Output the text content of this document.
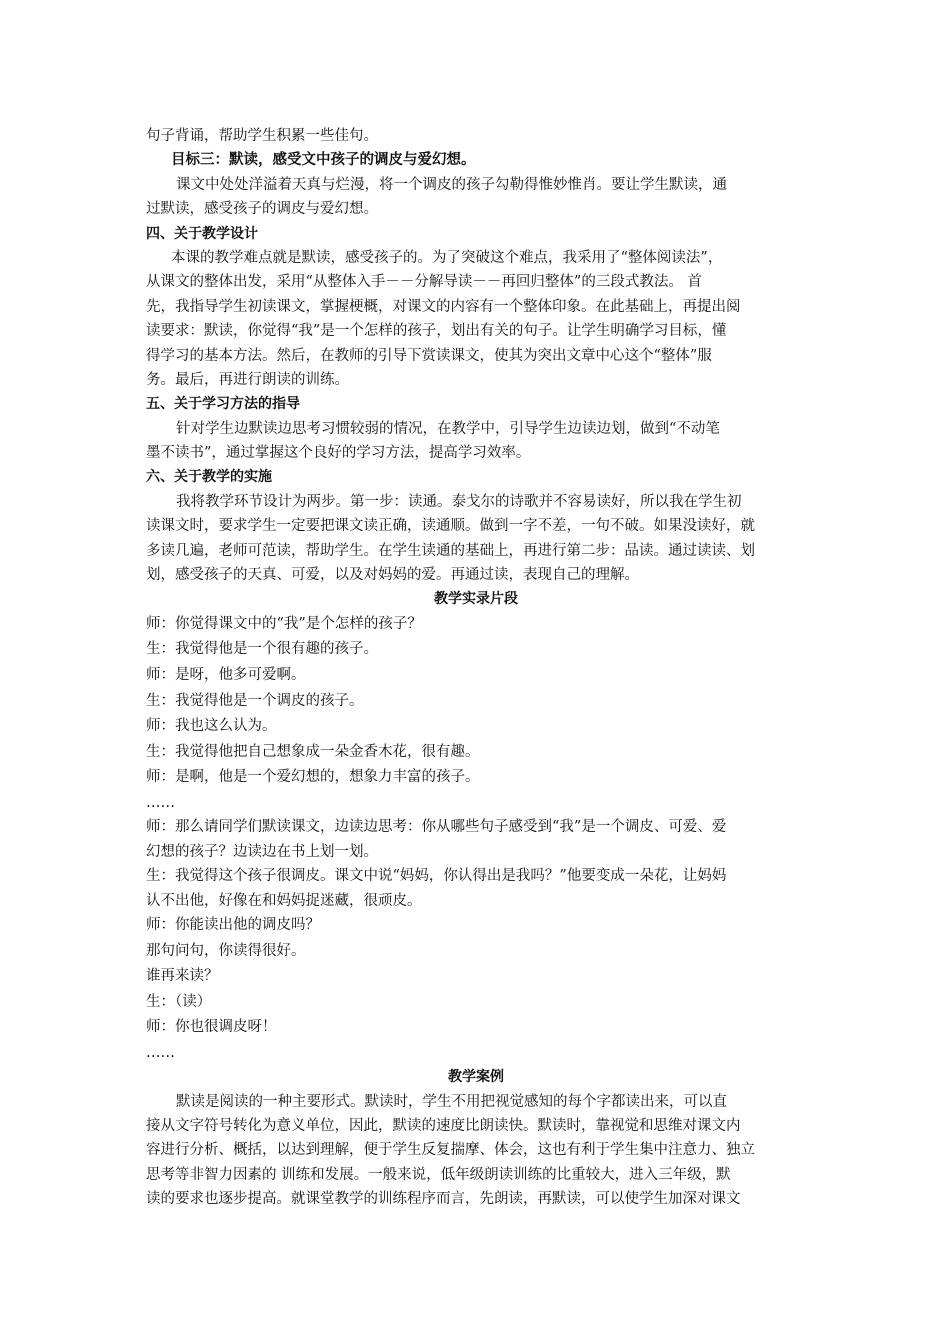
句子背诵，帮助学生积累一些佳句。
目标三：默读，感受文中孩子的调皮与爱幻想。
课文中处处洋溢着天真与烂漫，将一个调皮的孩子勾勒得惟妙惟肖。要让学生默读，通
过默读，感受孩子的调皮与爱幻想。
四、关于教学设计
本课的教学难点就是默读，感受孩子的。为了突破这个难点，我采用了“整体阅读法”，
从课文的整体出发，采用“从整体入手－－分解导读－－再回归整体”的三段式教法。 首
先，我指导学生初读课文，掌握梗概，对课文的内容有一个整体印象。在此基础上，再提出阅
读要求：默读，你觉得“我”是一个怎样的孩子，划出有关的句子。让学生明确学习目标，懂
得学习的基本方法。然后，在教师的引导下赏读课文，使其为突出文章中心这个“整体”服
务。最后，再进行朗读的训练。
五、关于学习方法的指导
针对学生边默读边思考习惯较弱的情况，在教学中，引导学生边读边划，做到“不动笔
墨不读书”，通过掌握这个良好的学习方法，提高学习效率。
六、关于教学的实施
我将教学环节设计为两步。第一步：读通。泰戈尔的诗歌并不容易读好，所以我在学生初
读课文时，要求学生一定要把课文读正确，读通顺。做到一字不差，一句不破。如果没读好，就
多读几遍，老师可范读，帮助学生。在学生读通的基础上，再进行第二步：品读。通过读读、划
划，感受孩子的天真、可爱，以及对妈妈的爱。再通过读，表现自己的理解。
教学实录片段
师：你觉得课文中的“我”是个怎样的孩子？
生：我觉得他是一个很有趣的孩子。
师：是呀，他多可爱啊。
生：我觉得他是一个调皮的孩子。
师：我也这么认为。
生：我觉得他把自己想象成一朵金香木花，很有趣。
师：是啊，他是一个爱幻想的，想象力丰富的孩子。
……
师：那么请同学们默读课文，边读边思考：你从哪些句子感受到“我”是一个调皮、可爱、爱
幻想的孩子？边读边在书上划一划。
生：我觉得这个孩子很调皮。课文中说“妈妈，你认得出是我吗？”他要变成一朵花，让妈妈
认不出他，好像在和妈妈捉迷藏，很顽皮。
师：你能读出他的调皮吗？
那句问句，你读得很好。
谁再来读？
生：（读）
师：你也很调皮呀！
……
教学案例
默读是阅读的一种主要形式。默读时，学生不用把视觉感知的每个字都读出来，可以直
接从文字符号转化为意义单位，因此，默读的速度比朗读快。默读时，靠视觉和思维对课文内
容进行分析、概括，以达到理解，便于学生反复揣摩、体会，这也有利于学生集中注意力、独立
思考等非智力因素的 训练和发展。一般来说，低年级朗读训练的比重较大，进入三年级，默
读的要求也逐步提高。就课堂教学的训练程序而言，先朗读，再默读，可以使学生加深对课文
